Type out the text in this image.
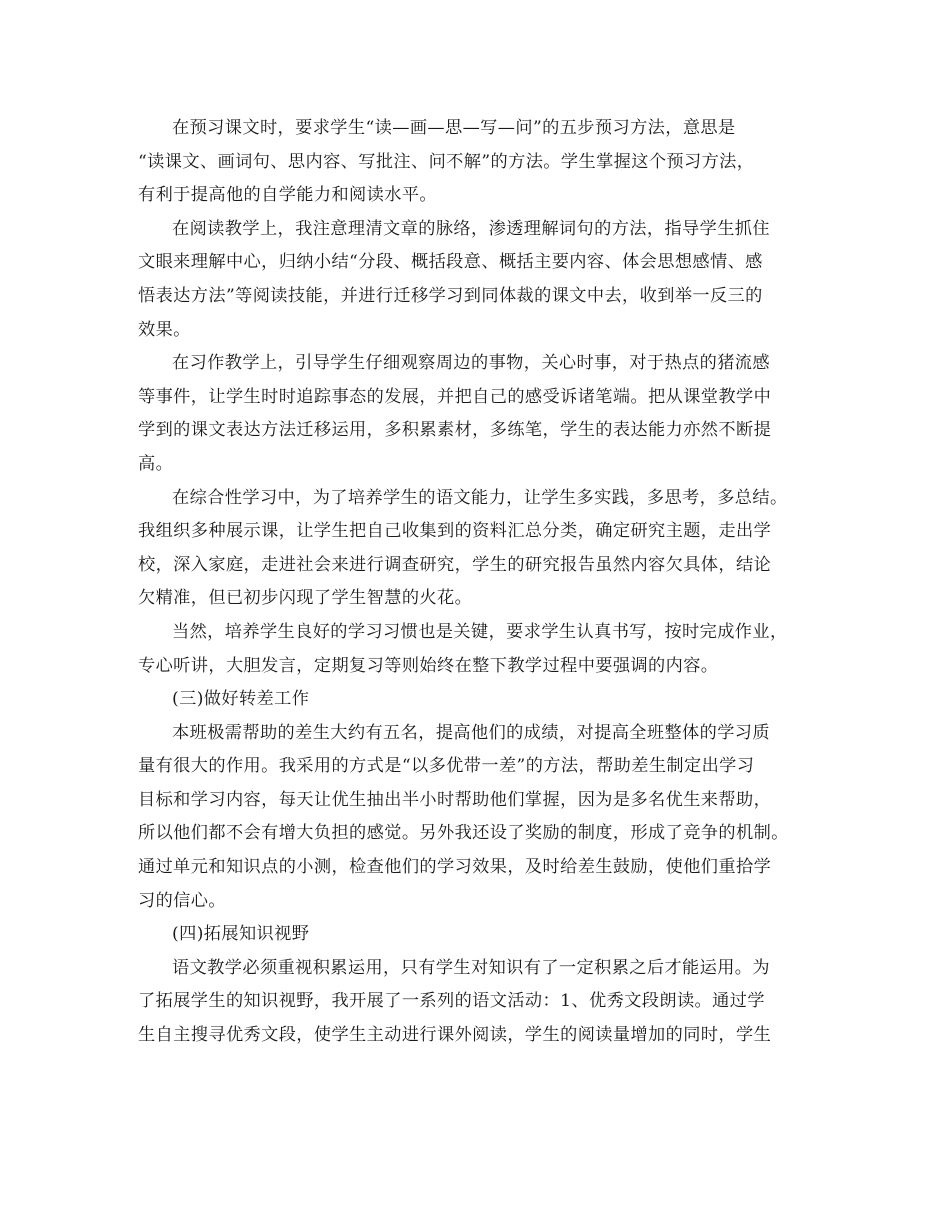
在预习课文时，要求学生“读—画—思—写—问”的五步预习方法，意思是
“读课文、画词句、思内容、写批注、问不解”的方法。学生掌握这个预习方法，
有利于提高他的自学能力和阅读水平。
在阅读教学上，我注意理清文章的脉络，渗透理解词句的方法，指导学生抓住
文眼来理解中心，归纳小结“分段、概括段意、概括主要内容、体会思想感情、感
悟表达方法”等阅读技能，并进行迁移学习到同体裁的课文中去，收到举一反三的
效果。
在习作教学上，引导学生仔细观察周边的事物，关心时事，对于热点的猪流感
等事件，让学生时时追踪事态的发展，并把自己的感受诉诸笔端。把从课堂教学中
学到的课文表达方法迁移运用，多积累素材，多练笔，学生的表达能力亦然不断提
高。
在综合性学习中，为了培养学生的语文能力，让学生多实践，多思考，多总结。
我组织多种展示课，让学生把自己收集到的资料汇总分类，确定研究主题，走出学
校，深入家庭，走进社会来进行调查研究，学生的研究报告虽然内容欠具体，结论
欠精准，但已初步闪现了学生智慧的火花。
当然，培养学生良好的学习习惯也是关键，要求学生认真书写，按时完成作业，
专心听讲，大胆发言，定期复习等则始终在整下教学过程中要强调的内容。
(三)做好转差工作
本班极需帮助的差生大约有五名，提高他们的成绩，对提高全班整体的学习质
量有很大的作用。我采用的方式是“以多优带一差”的方法，帮助差生制定出学习
目标和学习内容，每天让优生抽出半小时帮助他们掌握，因为是多名优生来帮助，
所以他们都不会有增大负担的感觉。另外我还设了奖励的制度，形成了竞争的机制。
通过单元和知识点的小测，检查他们的学习效果，及时给差生鼓励，使他们重拾学
习的信心。
(四)拓展知识视野
语文教学必须重视积累运用，只有学生对知识有了一定积累之后才能运用。为
了拓展学生的知识视野，我开展了一系列的语文活动：1、优秀文段朗读。通过学
生自主搜寻优秀文段，使学生主动进行课外阅读，学生的阅读量增加的同时，学生
